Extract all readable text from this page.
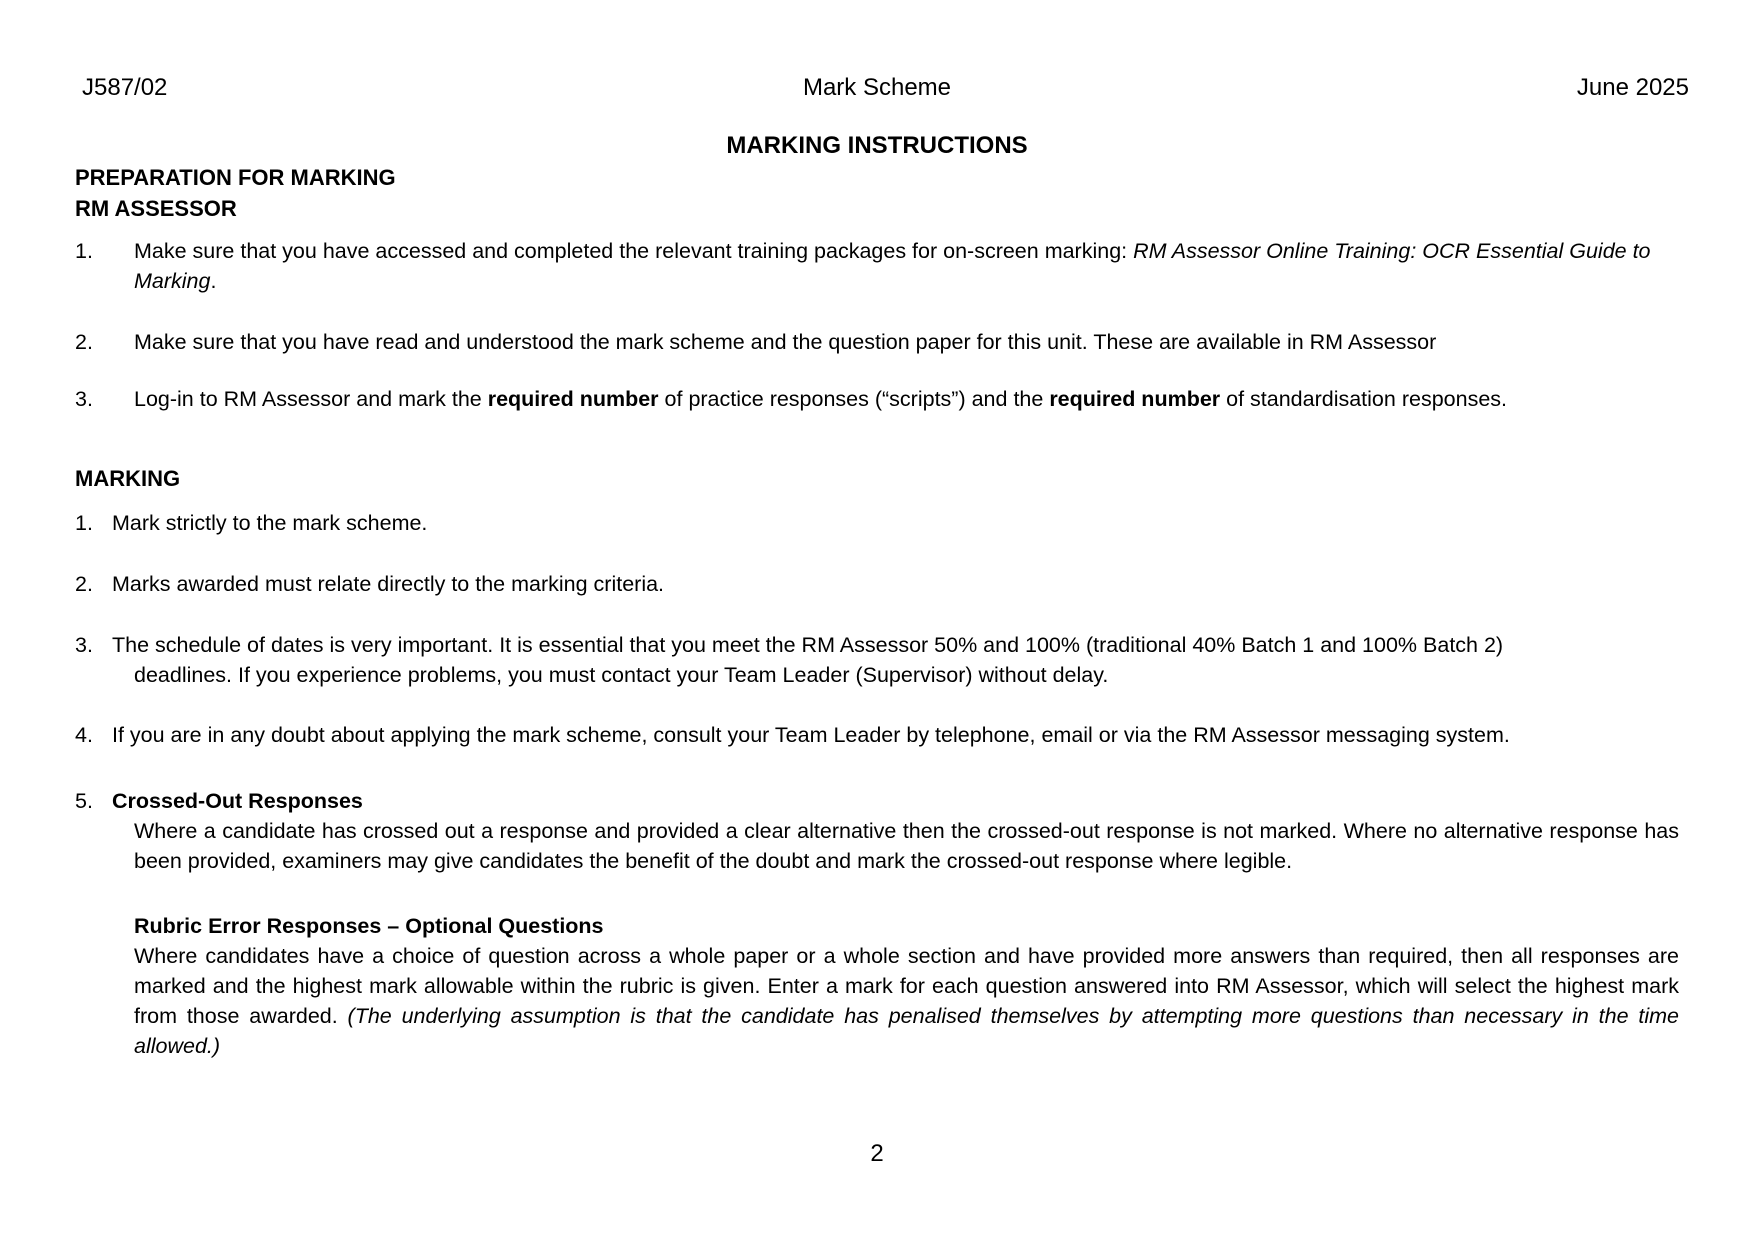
J587/02	Mark Scheme	June 2025
MARKING INSTRUCTIONS
PREPARATION FOR MARKING
RM ASSESSOR
1. Make sure that you have accessed and completed the relevant training packages for on-screen marking: RM Assessor Online Training: OCR Essential Guide to Marking.
2. Make sure that you have read and understood the mark scheme and the question paper for this unit. These are available in RM Assessor
3. Log-in to RM Assessor and mark the required number of practice responses (“scripts”) and the required number of standardisation responses.
MARKING
1. Mark strictly to the mark scheme.
2. Marks awarded must relate directly to the marking criteria.
3. The schedule of dates is very important. It is essential that you meet the RM Assessor 50% and 100% (traditional 40% Batch 1 and 100% Batch 2)
deadlines. If you experience problems, you must contact your Team Leader (Supervisor) without delay.
4. If you are in any doubt about applying the mark scheme, consult your Team Leader by telephone, email or via the RM Assessor messaging system.
5. Crossed-Out Responses
Where a candidate has crossed out a response and provided a clear alternative then the crossed-out response is not marked. Where no alternative response has been provided, examiners may give candidates the benefit of the doubt and mark the crossed-out response where legible.
Rubric Error Responses – Optional Questions
Where candidates have a choice of question across a whole paper or a whole section and have provided more answers than required, then all responses are marked and the highest mark allowable within the rubric is given. Enter a mark for each question answered into RM Assessor, which will select the highest mark from those awarded. (The underlying assumption is that the candidate has penalised themselves by attempting more questions than necessary in the time allowed.)
2
